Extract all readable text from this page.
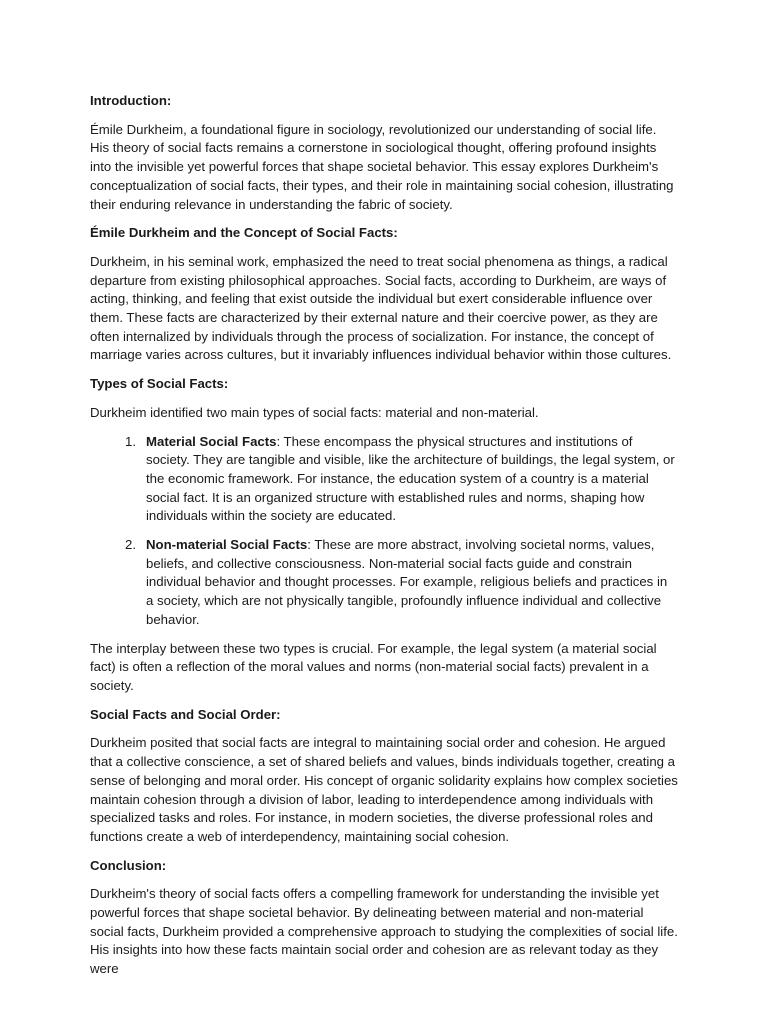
Introduction:

Émile Durkheim, a foundational figure in sociology, revolutionized our understanding of social life. His theory of social facts remains a cornerstone in sociological thought, offering profound insights into the invisible yet powerful forces that shape societal behavior. This essay explores Durkheim's conceptualization of social facts, their types, and their role in maintaining social cohesion, illustrating their enduring relevance in understanding the fabric of society.

Émile Durkheim and the Concept of Social Facts:

Durkheim, in his seminal work, emphasized the need to treat social phenomena as things, a radical departure from existing philosophical approaches. Social facts, according to Durkheim, are ways of acting, thinking, and feeling that exist outside the individual but exert considerable influence over them. These facts are characterized by their external nature and their coercive power, as they are often internalized by individuals through the process of socialization. For instance, the concept of marriage varies across cultures, but it invariably influences individual behavior within those cultures.

Types of Social Facts:

Durkheim identified two main types of social facts: material and non-material.

1. Material Social Facts: These encompass the physical structures and institutions of society. They are tangible and visible, like the architecture of buildings, the legal system, or the economic framework. For instance, the education system of a country is a material social fact. It is an organized structure with established rules and norms, shaping how individuals within the society are educated.
2. Non-material Social Facts: These are more abstract, involving societal norms, values, beliefs, and collective consciousness. Non-material social facts guide and constrain individual behavior and thought processes. For example, religious beliefs and practices in a society, which are not physically tangible, profoundly influence individual and collective behavior.

The interplay between these two types is crucial. For example, the legal system (a material social fact) is often a reflection of the moral values and norms (non-material social facts) prevalent in a society.

Social Facts and Social Order:

Durkheim posited that social facts are integral to maintaining social order and cohesion. He argued that a collective conscience, a set of shared beliefs and values, binds individuals together, creating a sense of belonging and moral order. His concept of organic solidarity explains how complex societies maintain cohesion through a division of labor, leading to interdependence among individuals with specialized tasks and roles. For instance, in modern societies, the diverse professional roles and functions create a web of interdependency, maintaining social cohesion.

Conclusion:

Durkheim's theory of social facts offers a compelling framework for understanding the invisible yet powerful forces that shape societal behavior. By delineating between material and non-material social facts, Durkheim provided a comprehensive approach to studying the complexities of social life. His insights into how these facts maintain social order and cohesion are as relevant today as they were
